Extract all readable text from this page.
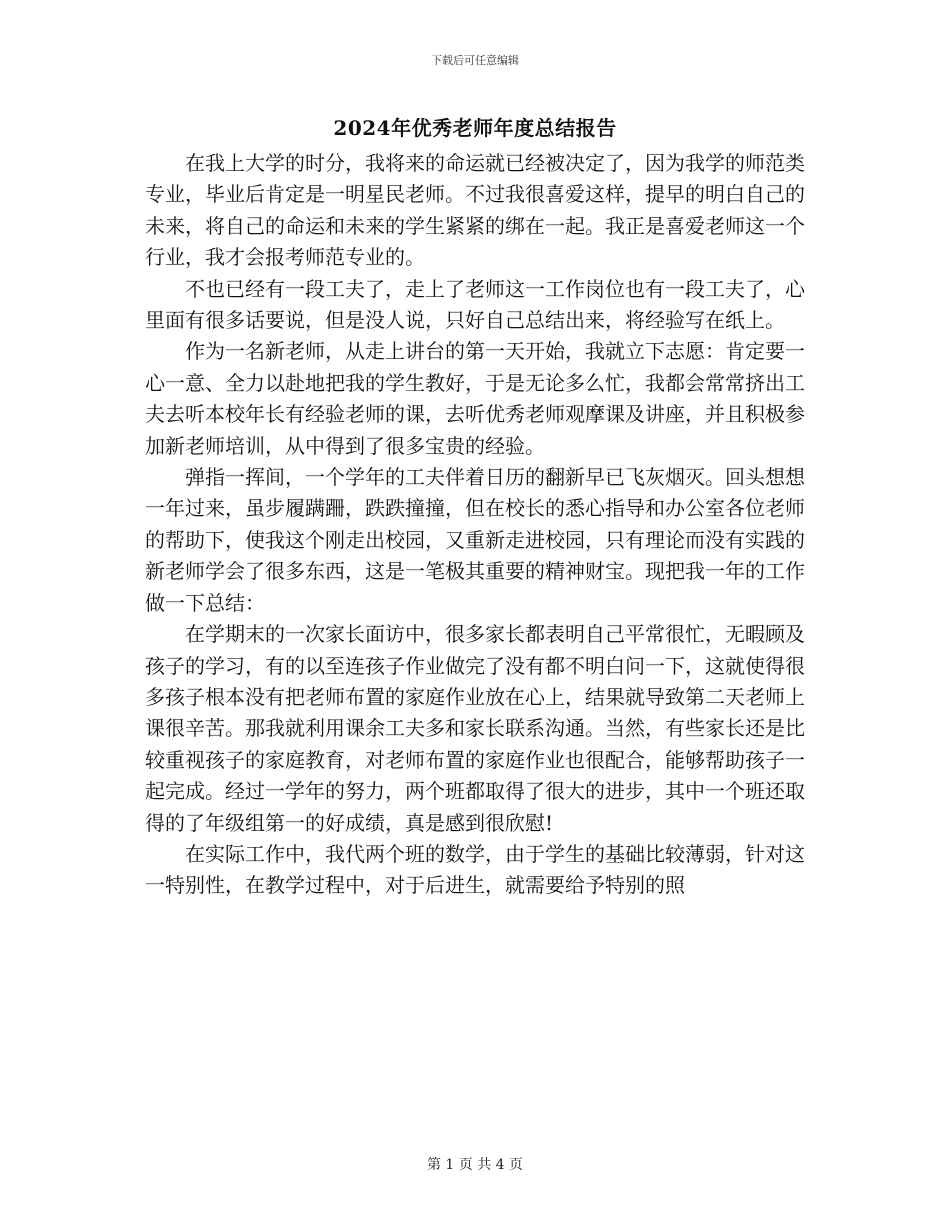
下载后可任意编辑
2024年优秀老师年度总结报告

在我上大学的时分，我将来的命运就已经被决定了，因为我学的师范类专业，毕业后肯定是一明星民老师。不过我很喜爱这样，提早的明白自己的未来，将自己的命运和未来的学生紧紧的绑在一起。我正是喜爱老师这一个行业，我才会报考师范专业的。

不也已经有一段工夫了，走上了老师这一工作岗位也有一段工夫了，心里面有很多话要说，但是没人说，只好自己总结出来，将经验写在纸上。

作为一名新老师，从走上讲台的第一天开始，我就立下志愿：肯定要一心一意、全力以赴地把我的学生教好，于是无论多么忙，我都会常常挤出工夫去听本校年长有经验老师的课，去听优秀老师观摩课及讲座，并且积极参加新老师培训，从中得到了很多宝贵的经验。

弹指一挥间，一个学年的工夫伴着日历的翻新早已飞灰烟灭。回头想想一年过来，虽步履蹒跚，跌跌撞撞，但在校长的悉心指导和办公室各位老师的帮助下，使我这个刚走出校园，又重新走进校园，只有理论而没有实践的新老师学会了很多东西，这是一笔极其重要的精神财宝。现把我一年的工作做一下总结：

在学期末的一次家长面访中，很多家长都表明自己平常很忙，无暇顾及孩子的学习，有的以至连孩子作业做完了没有都不明白问一下，这就使得很多孩子根本没有把老师布置的家庭作业放在心上，结果就导致第二天老师上课很辛苦。那我就利用课余工夫多和家长联系沟通。当然，有些家长还是比较重视孩子的家庭教育，对老师布置的家庭作业也很配合，能够帮助孩子一起完成。经过一学年的努力，两个班都取得了很大的进步，其中一个班还取得的了年级组第一的好成绩，真是感到很欣慰!

在实际工作中，我代两个班的数学，由于学生的基础比较薄弱，针对这一特别性，在教学过程中，对于后进生，就需要给予特别的照

第 1 页 共 4 页
